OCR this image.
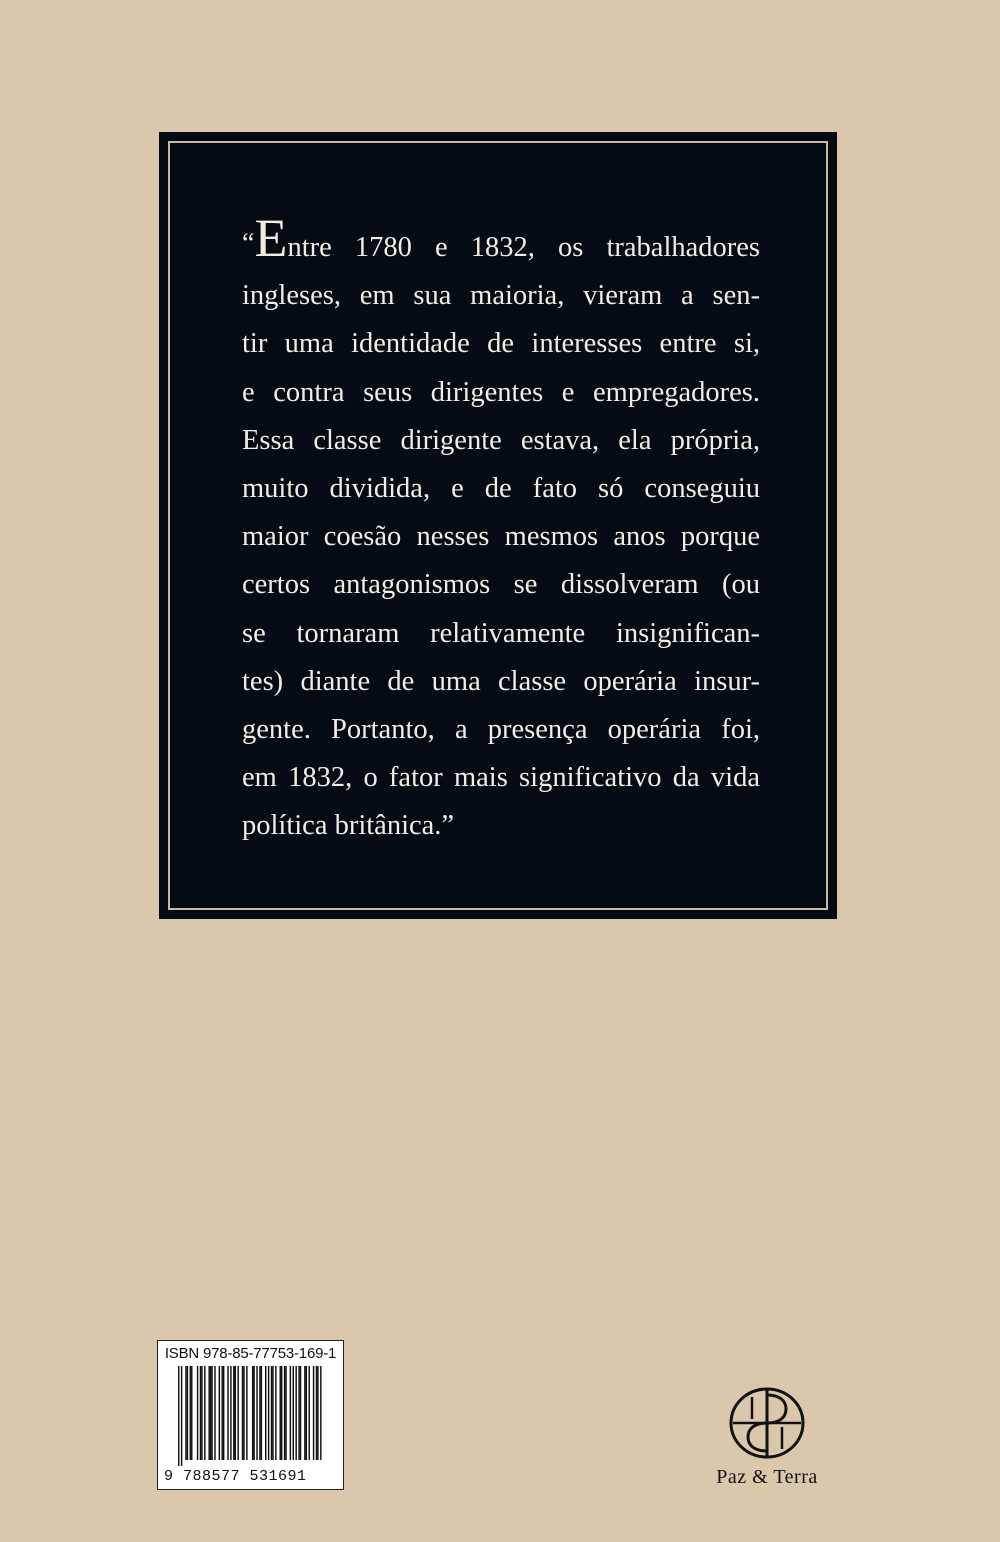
“Entre 1780 e 1832, os trabalhadores
ingleses, em sua maioria, vieram a sen-
tir uma identidade de interesses entre si,
e contra seus dirigentes e empregadores.
Essa classe dirigente estava, ela própria,
muito dividida, e de fato só conseguiu
maior coesão nesses mesmos anos porque
certos antagonismos se dissolveram (ou
se tornaram relativamente insignifican-
tes) diante de uma classe operária insur-
gente. Portanto, a presença operária foi,
em 1832, o fator mais significativo da vida
política britânica.”
ISBN 978-85-77753-169-1
9 788577 531691	Paz & Terra
